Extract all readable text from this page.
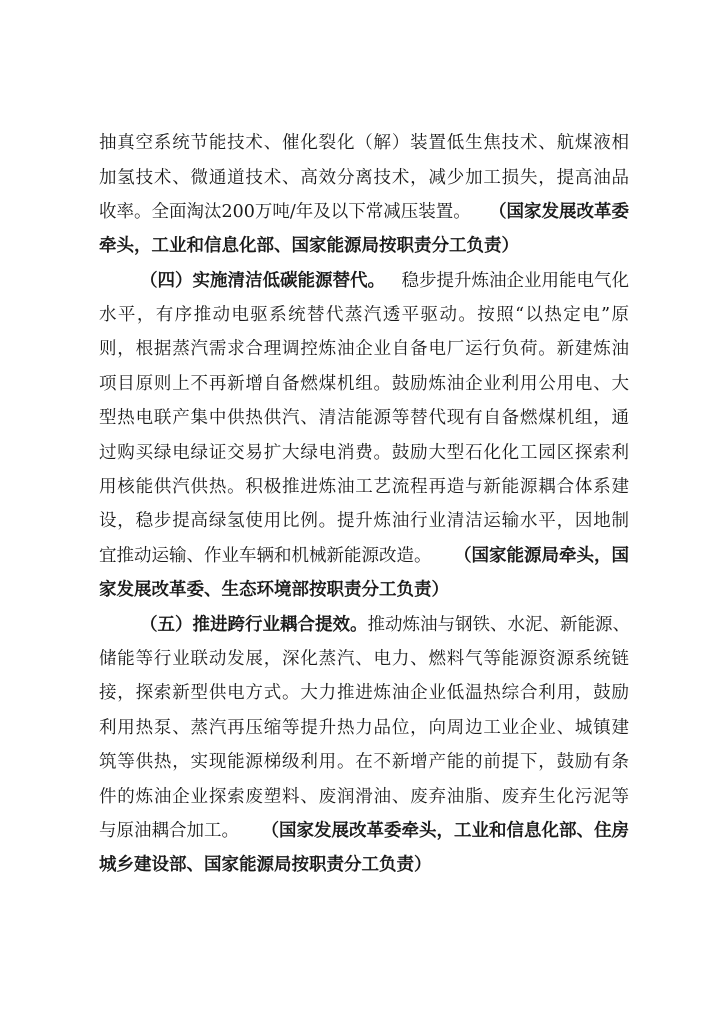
抽真空系统节能技术、催化裂化（解）装置低生焦技术、航煤液相
加氢技术、微通道技术、高效分离技术，减少加工损失，提高油品
收率。全面淘汰200万吨/年及以下常减压装置。 （国家发展改革委
牵头，工业和信息化部、国家能源局按职责分工负责）
（四）实施清洁低碳能源替代。 稳步提升炼油企业用能电气化
水平，有序推动电驱系统替代蒸汽透平驱动。按照“以热定电”原
则，根据蒸汽需求合理调控炼油企业自备电厂运行负荷。新建炼油
项目原则上不再新增自备燃煤机组。鼓励炼油企业利用公用电、大
型热电联产集中供热供汽、清洁能源等替代现有自备燃煤机组，通
过购买绿电绿证交易扩大绿电消费。鼓励大型石化化工园区探索利
用核能供汽供热。积极推进炼油工艺流程再造与新能源耦合体系建
设，稳步提高绿氢使用比例。提升炼油行业清洁运输水平，因地制
宜推动运输、作业车辆和机械新能源改造。 （国家能源局牵头，国
家发展改革委、生态环境部按职责分工负责）
（五）推进跨行业耦合提效。 推动炼油与钢铁、水泥、新能源、
储能等行业联动发展，深化蒸汽、电力、燃料气等能源资源系统链
接，探索新型供电方式。大力推进炼油企业低温热综合利用，鼓励
利用热泵、蒸汽再压缩等提升热力品位，向周边工业企业、城镇建
筑等供热，实现能源梯级利用。在不新增产能的前提下，鼓励有条
件的炼油企业探索废塑料、废润滑油、废弃油脂、废弃生化污泥等
与原油耦合加工。 （国家发展改革委牵头，工业和信息化部、住房
城乡建设部、国家能源局按职责分工负责）
